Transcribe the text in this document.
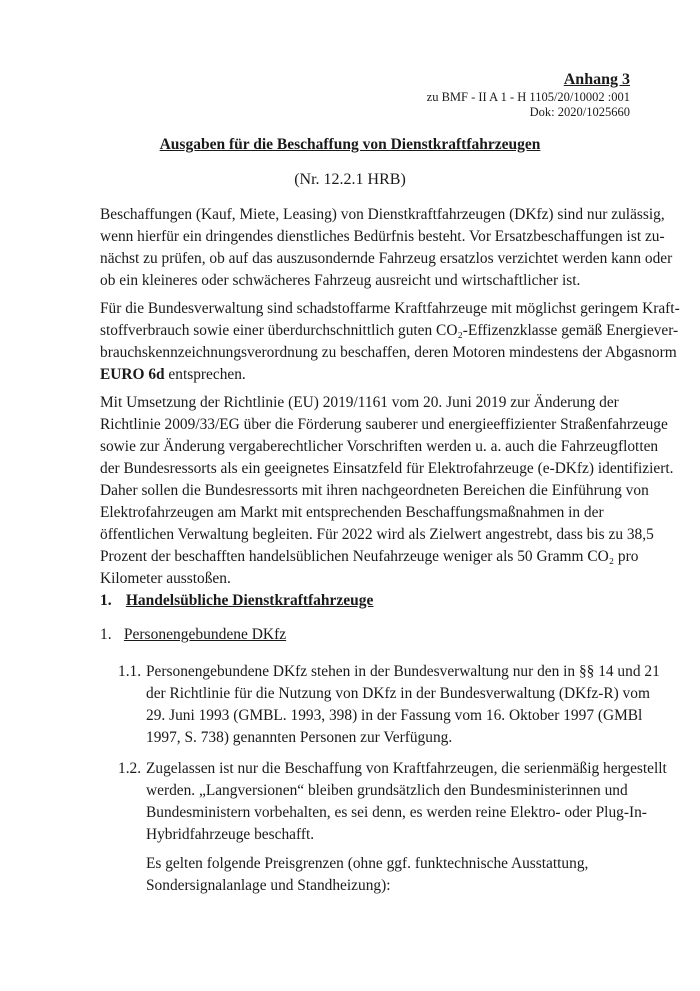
Anhang 3

zu BMF - II A 1 - H 1105/20/10002 :001

Dok: 2020/1025660

Ausgaben für die Beschaffung von Dienstkraftfahrzeugen
(Nr. 12.2.1 HRB)

Beschaffungen (Kauf, Miete, Leasing) von Dienstkraftfahrzeugen (DKfz) sind nur zulässig,
wenn hierfür ein dringendes dienstliches Bedürfnis besteht. Vor Ersatzbeschaffungen ist zu-
nächst zu prüfen, ob auf das auszusondernde Fahrzeug ersatzlos verzichtet werden kann oder
ob ein kleineres oder schwächeres Fahrzeug ausreicht und wirtschaftlicher ist.

Für die Bundesverwaltung sind schadstoffarme Kraftfahrzeuge mit möglichst geringem Kraft-
stoffverbrauch sowie einer überdurchschnittlich guten CO₂-Effizenzklasse gemäß Energiever-
brauchskennzeichnungsverordnung zu beschaffen, deren Motoren mindestens der Abgasnorm
EURO 6d entsprechen.

Mit Umsetzung der Richtlinie (EU) 2019/1161 vom 20. Juni 2019 zur Änderung der
Richtlinie 2009/33/EG über die Förderung sauberer und energieeffizienter Straßenfahrzeuge
sowie zur Änderung vergaberechtlicher Vorschriften werden u. a. auch die Fahrzeugflotten
der Bundesressorts als ein geeignetes Einsatzfeld für Elektrofahrzeuge (e-DKfz) identifiziert.
Daher sollen die Bundesressorts mit ihren nachgeordneten Bereichen die Einführung von
Elektrofahrzeugen am Markt mit entsprechenden Beschaffungsmaßnahmen in der
öffentlichen Verwaltung begleiten. Für 2022 wird als Zielwert angestrebt, dass bis zu 38,5
Prozent der beschafften handelsüblichen Neufahrzeuge weniger als 50 Gramm CO₂ pro
Kilometer ausstoßen.

1. Handelsübliche Dienstkraftfahrzeuge
1. Personengebundene DKfz
1.1. Personengebundene DKfz stehen in der Bundesverwaltung nur den in §§ 14 und 21
der Richtlinie für die Nutzung von DKfz in der Bundesverwaltung (DKfz-R) vom
29. Juni 1993 (GMBL. 1993, 398) in der Fassung vom 16. Oktober 1997 (GMBl
1997, S. 738) genannten Personen zur Verfügung.
1.2. Zugelassen ist nur die Beschaffung von Kraftfahrzeugen, die serienmäßig hergestellt
werden. „Langversionen“ bleiben grundsätzlich den Bundesministerinnen und
Bundesministern vorbehalten, es sei denn, es werden reine Elektro- oder Plug-In-
Hybridfahrzeuge beschafft.
Es gelten folgende Preisgrenzen (ohne ggf. funktechnische Ausstattung,
Sondersignalanlage und Standheizung):
